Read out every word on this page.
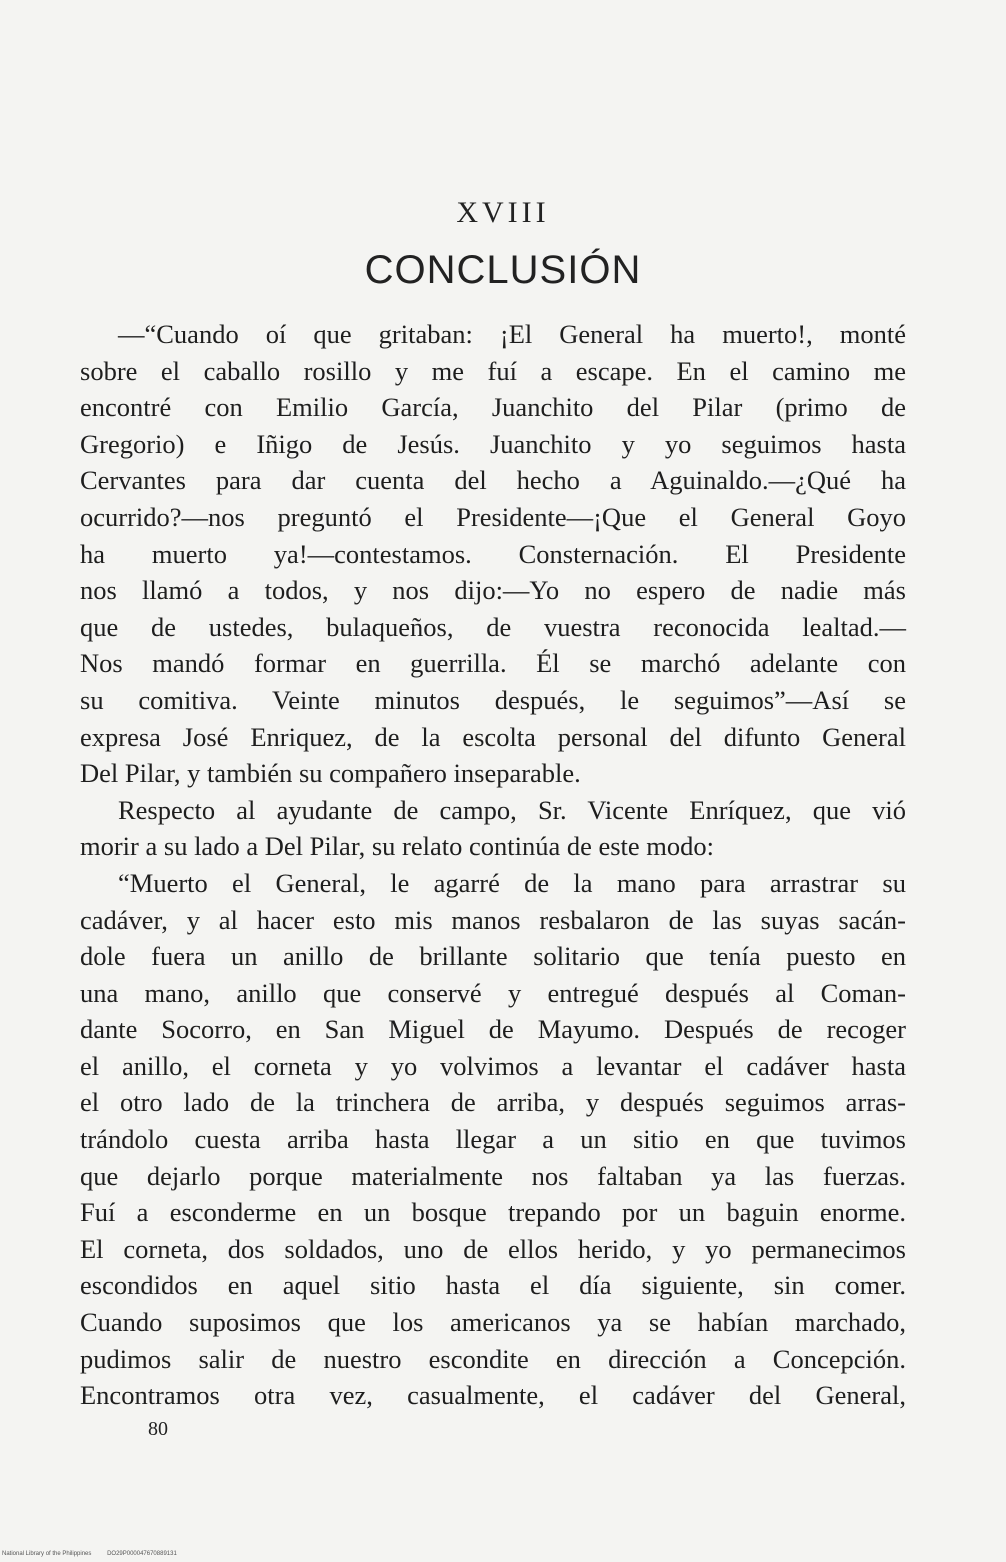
XVIII
CONCLUSIÓN
—“Cuando oí que gritaban: ¡El General ha muerto!, monté
sobre el caballo rosillo y me fuí a escape. En el camino me
encontré con Emilio García, Juanchito del Pilar (primo de
Gregorio) e Iñigo de Jesús. Juanchito y yo seguimos hasta
Cervantes para dar cuenta del hecho a Aguinaldo.—¿Qué ha
ocurrido?—nos preguntó el Presidente—¡Que el General Goyo
ha muerto ya!—contestamos. Consternación. El Presidente
nos llamó a todos, y nos dijo:—Yo no espero de nadie más
que de ustedes, bulaqueños, de vuestra reconocida lealtad.—
Nos mandó formar en guerrilla. Él se marchó adelante con
su comitiva. Veinte minutos después, le seguimos”—Así se
expresa José Enriquez, de la escolta personal del difunto General
Del Pilar, y también su compañero inseparable.
Respecto al ayudante de campo, Sr. Vicente Enríquez, que vió
morir a su lado a Del Pilar, su relato continúa de este modo:
“Muerto el General, le agarré de la mano para arrastrar su
cadáver, y al hacer esto mis manos resbalaron de las suyas sacán-
dole fuera un anillo de brillante solitario que tenía puesto en
una mano, anillo que conservé y entregué después al Coman-
dante Socorro, en San Miguel de Mayumo. Después de recoger
el anillo, el corneta y yo volvimos a levantar el cadáver hasta
el otro lado de la trinchera de arriba, y después seguimos arras-
trándolo cuesta arriba hasta llegar a un sitio en que tuvimos
que dejarlo porque materialmente nos faltaban ya las fuerzas.
Fuí a esconderme en un bosque trepando por un baguin enorme.
El corneta, dos soldados, uno de ellos herido, y yo permanecimos
escondidos en aquel sitio hasta el día siguiente, sin comer.
Cuando suposimos que los americanos ya se habían marchado,
pudimos salir de nuestro escondite en dirección a Concepción.
Encontramos otra vez, casualmente, el cadáver del General,
80
National Library of the Philippines	DO29P000047670889131
